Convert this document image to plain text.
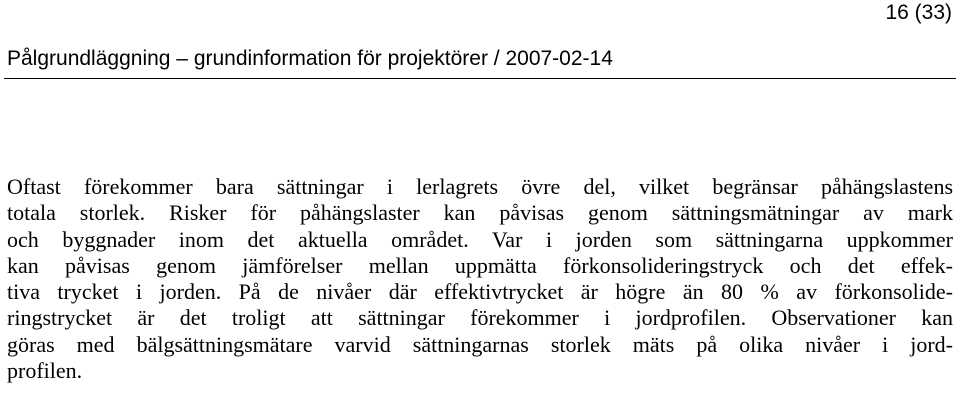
16 (33)
Pålgrundläggning – grundinformation för projektörer / 2007-02-14
Oftast förekommer bara sättningar i lerlagrets övre del, vilket begränsar påhängslastens
totala storlek. Risker för påhängslaster kan påvisas genom sättningsmätningar av mark
och byggnader inom det aktuella området. Var i jorden som sättningarna uppkommer
kan påvisas genom jämförelser mellan uppmätta förkonsolideringstryck och det effek-
tiva trycket i jorden. På de nivåer där effektivtrycket är högre än 80 % av förkonsolide-
ringstrycket är det troligt att sättningar förekommer i jordprofilen. Observationer kan
göras med bälgsättningsmätare varvid sättningarnas storlek mäts på olika nivåer i jord-
profilen.
